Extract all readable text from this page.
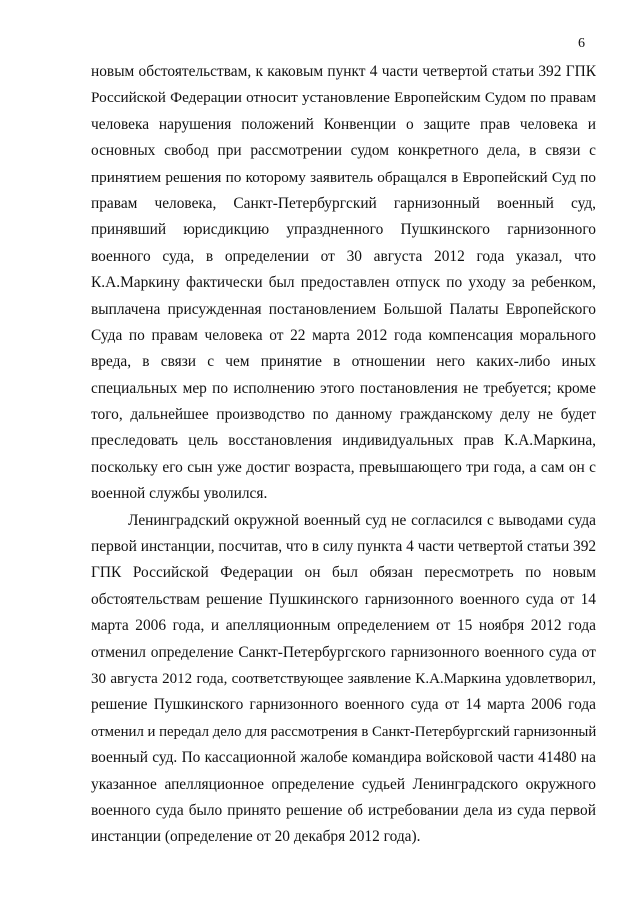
6
новым обстоятельствам, к каковым пункт 4 части четвертой статьи 392 ГПК
Российской Федерации относит установление Европейским Судом по правам
человека нарушения положений Конвенции о защите прав человека и
основных свобод при рассмотрении судом конкретного дела, в связи с
принятием решения по которому заявитель обращался в Европейский Суд по
правам человека, Санкт-Петербургский гарнизонный военный суд,
принявший юрисдикцию упраздненного Пушкинского гарнизонного
военного суда, в определении от 30 августа 2012 года указал, что
К.А.Маркину фактически был предоставлен отпуск по уходу за ребенком,
выплачена присужденная постановлением Большой Палаты Европейского
Суда по правам человека от 22 марта 2012 года компенсация морального
вреда, в связи с чем принятие в отношении него каких-либо иных
специальных мер по исполнению этого постановления не требуется; кроме
того, дальнейшее производство по данному гражданскому делу не будет
преследовать цель восстановления индивидуальных прав К.А.Маркина,
поскольку его сын уже достиг возраста, превышающего три года, а сам он с
военной службы уволился.
Ленинградский окружной военный суд не согласился с выводами суда
первой инстанции, посчитав, что в силу пункта 4 части четвертой статьи 392
ГПК Российской Федерации он был обязан пересмотреть по новым
обстоятельствам решение Пушкинского гарнизонного военного суда от 14
марта 2006 года, и апелляционным определением от 15 ноября 2012 года
отменил определение Санкт-Петербургского гарнизонного военного суда от
30 августа 2012 года, соответствующее заявление К.А.Маркина удовлетворил,
решение Пушкинского гарнизонного военного суда от 14 марта 2006 года
отменил и передал дело для рассмотрения в Санкт-Петербургский гарнизонный
военный суд. По кассационной жалобе командира войсковой части 41480 на
указанное апелляционное определение судьей Ленинградского окружного
военного суда было принято решение об истребовании дела из суда первой
инстанции (определение от 20 декабря 2012 года).
